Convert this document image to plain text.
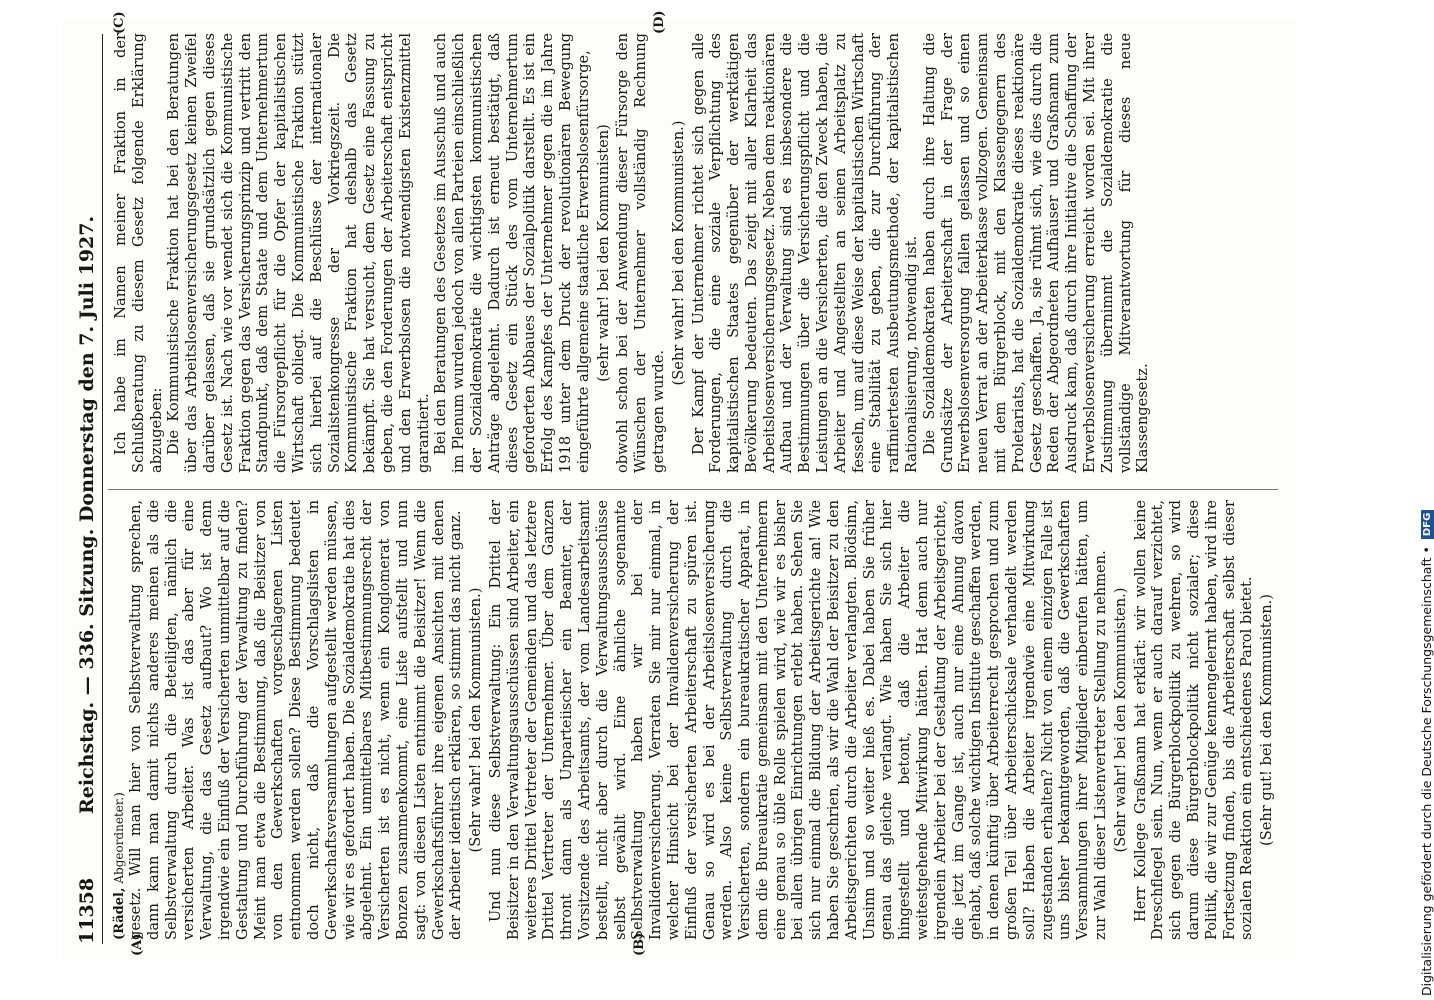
11358
Reichstag. — 336. Sitzung. Donnerstag den 7. Juli 1927.
(A)	(B)
(C)	(D)

(Rädel, Abgeordneter.) gesetz. Will man hier von Selbstverwaltung sprechen, dann kann man damit nichts anderes meinen als die Selbstverwaltung durch die Beteiligten, nämlich die versicherten Arbeiter. Was ist das aber für eine Verwaltung, die das Gesetz aufbaut? Wo ist denn irgendwie ein Einfluß der Versicherten unmittelbar auf die Gestaltung und Durchführung der Verwaltung zu finden? Meint man etwa die Bestimmung, daß die Beisitzer von von den Gewerkschaften vorgeschlagenen Listen entnommen werden sollen? Diese Bestimmung bedeutet doch nicht, daß die Vorschlagslisten in Gewerkschaftsversammlungen aufgestellt werden müssen, wie wir es gefordert haben. Die Sozialdemokratie hat dies abgelehnt. Ein unmittelbares Mitbestimmungsrecht der Versicherten ist es nicht, wenn ein Konglomerat von Bonzen zusammenkommt, eine Liste aufstellt und nun sagt: von diesen Listen entnimmt die Beisitzer! Wenn die Gewerkschaftsführer ihre eigenen Ansichten mit denen der Arbeiter identisch erklären, so stimmt das nicht ganz. (Sehr wahr! bei den Kommunisten.) Und nun diese Selbstverwaltung: Ein Drittel der Beisitzer in den Verwaltungsausschüssen sind Arbeiter, ein weiteres Drittel Vertreter der Gemeinden und das letztere Drittel Vertreter der Unternehmer. Über dem Ganzen thront dann als Unparteiischer ein Beamter, der Vorsitzende des Arbeitsamts, der vom Landesarbeitsamt bestellt, nicht aber durch die Verwaltungsausschüsse selbst gewählt wird. Eine ähnliche sogenannte Selbstverwaltung haben wir bei der Invalidenversicherung. Verraten Sie mir nur einmal, in welcher Hinsicht bei der Invalidenversicherung der Einfluß der versicherten Arbeiterschaft zu spüren ist. Genau so wird es bei der Arbeitslosenversicherung werden. Also keine Selbstverwaltung durch die Versicherten, sondern ein bureaukratischer Apparat, in dem die Bureaukratie gemeinsam mit den Unternehmern eine genau so üble Rolle spielen wird, wie wir es bisher bei allen übrigen Einrichtungen erlebt haben. Sehen Sie sich nur einmal die Bildung der Arbeitsgerichte an! Wie haben Sie geschrien, als wir die Wahl der Beisitzer zu den Arbeitsgerichten durch die Arbeiter verlangten. Blödsinn, Unsinn und so weiter hieß es. Dabei haben Sie früher genau das gleiche verlangt. Wie haben Sie sich hier hingestellt und betont, daß die Arbeiter die weitestgehende Mitwirkung hätten. Hat denn auch nur irgendein Arbeiter bei der Gestaltung der Arbeitsgerichte, die jetzt im Gange ist, auch nur eine Ahnung davon gehabt, daß solche wichtigen Institute geschaffen werden, in denen künftig über Arbeiterrecht gesprochen und zum großen Teil über Arbeiterschicksale verhandelt werden soll? Haben die Arbeiter irgendwie eine Mitwirkung zugestanden erhalten? Nicht von einem einzigen Falle ist uns bisher bekanntgeworden, daß die Gewerkschaften Versammlungen ihrer Mitglieder einberufen hätten, um zur Wahl dieser Listenvertreter Stellung zu nehmen. (Sehr wahr! bei den Kommunisten.) Herr Kollege Graßmann hat erklärt: wir wollen keine Dreschflegel sein. Nun, wenn er auch darauf verzichtet, sich gegen die Bürgerblockpolitik zu wehren, so wird darum diese Bürgerblockpolitik nicht sozialer; diese Politik, die wir zur Genüge kennengelernt haben, wird ihre Fortsetzung finden, bis die Arbeiterschaft selbst dieser sozialen Reaktion ein entschiedenes Parol bietet. (Sehr gut! bei den Kommunisten.)

Ich habe im Namen meiner Fraktion in der Schlußberatung zu diesem Gesetz folgende Erklärung abzugeben: Die Kommunistische Fraktion hat bei den Beratungen über das Arbeitslosenversicherungsgesetz keinen Zweifel darüber gelassen, daß sie grundsätzlich gegen dieses Gesetz ist. Nach wie vor wendet sich die Kommunistische Fraktion gegen das Versicherungsprinzip und vertritt den Standpunkt, daß dem Staate und dem Unternehmertum die Fürsorgepflicht für die Opfer der kapitalistischen Wirtschaft obliegt. Die Kommunistische Fraktion stützt sich hierbei auf die Beschlüsse der internationaler Sozialistenkongresse der Vorkriegszeit. Die Kommunistische Fraktion hat deshalb das Gesetz bekämpft. Sie hat versucht, dem Gesetz eine Fassung zu geben, die den Forderungen der Arbeiterschaft entspricht und den Erwerbslosen die notwendigsten Existenzmittel garantiert. Bei den Beratungen des Gesetzes im Ausschuß und auch im Plenum wurden jedoch von allen Parteien einschließlich der Sozialdemokratie die wichtigsten kommunistischen Anträge abgelehnt. Dadurch ist erneut bestätigt, daß dieses Gesetz ein Stück des vom Unternehmertum geforderten Abbaues der Sozialpolitik darstellt. Es ist ein Erfolg des Kampfes der Unternehmer gegen die im Jahre 1918 unter dem Druck der revolutionären Bewegung eingeführte allgemeine staatliche Erwerbslosenfürsorge, (sehr wahr! bei den Kommunisten) obwohl schon bei der Anwendung dieser Fürsorge den Wünschen der Unternehmer vollständig Rechnung getragen wurde.

(Sehr wahr! bei den Kommunisten.) Der Kampf der Unternehmer richtet sich gegen alle Forderungen, die eine soziale Verpflichtung des kapitalistischen Staates gegenüber der werktätigen Bevölkerung bedeuten. Das zeigt mit aller Klarheit das Arbeitslosenversicherungsgesetz. Neben dem reaktionären Aufbau und der Verwaltung sind es insbesondere die Bestimmungen über die Versicherungspflicht und die Leistungen an die Versicherten, die den Zweck haben, die Arbeiter und Angestellten an seinen Arbeitsplatz zu fesseln, um auf diese Weise der kapitalistischen Wirtschaft eine Stabilität zu geben, die zur Durchführung der raffiniertesten Ausbeutungsmethode, der kapitalistischen Rationalisierung, notwendig ist. Die Sozialdemokraten haben durch ihre Haltung die Grundsätze der Arbeiterschaft in der Frage der Erwerbslosenversorgung fallen gelassen und so einen neuen Verrat an der Arbeiterklasse vollzogen. Gemeinsam mit dem Bürgerblock, mit den Klassengegnern des Proletariats, hat die Sozialdemokratie dieses reaktionäre Gesetz geschaffen. Ja, sie rühmt sich, wie dies durch die Reden der Abgeordneten Aufhäuser und Graßmann zum Ausdruck kam, daß durch ihre Initiative die Schaffung der Erwerbslosenversicherung erreicht worden sei. Mit ihrer Zustimmung übernimmt die Sozialdemokratie die vollständige Mitverantwortung für dieses neue Klassengesetz.

Digitalisierung gefördert durch die Deutsche Forschungsgemeinschaft•DFG
